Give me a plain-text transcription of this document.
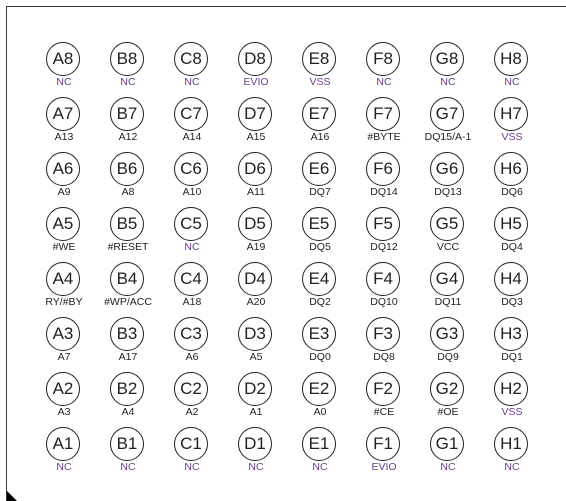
A8
NC
B8
NC
C8
NC
D8
EVIO
E8
VSS
F8
NC
G8
NC
H8
NC
A7
A13
B7
A12
C7
A14
D7
A15
E7
A16
F7
#BYTE
G7
DQ15/A-1
H7
VSS
A6
A9
B6
A8
C6
A10
D6
A11
E6
DQ7
F6
DQ14
G6
DQ13
H6
DQ6
A5
#WE
B5
#RESET
C5
NC
D5
A19
E5
DQ5
F5
DQ12
G5
VCC
H5
DQ4
A4
RY/#BY
B4
#WP/ACC
C4
A18
D4
A20
E4
DQ2
F4
DQ10
G4
DQ11
H4
DQ3
A3
A7
B3
A17
C3
A6
D3
A5
E3
DQ0
F3
DQ8
G3
DQ9
H3
DQ1
A2
A3
B2
A4
C2
A2
D2
A1
E2
A0
F2
#CE
G2
#OE
H2
VSS
A1
NC
B1
NC
C1
NC
D1
NC
E1
NC
F1
EVIO
G1
NC
H1
NC
